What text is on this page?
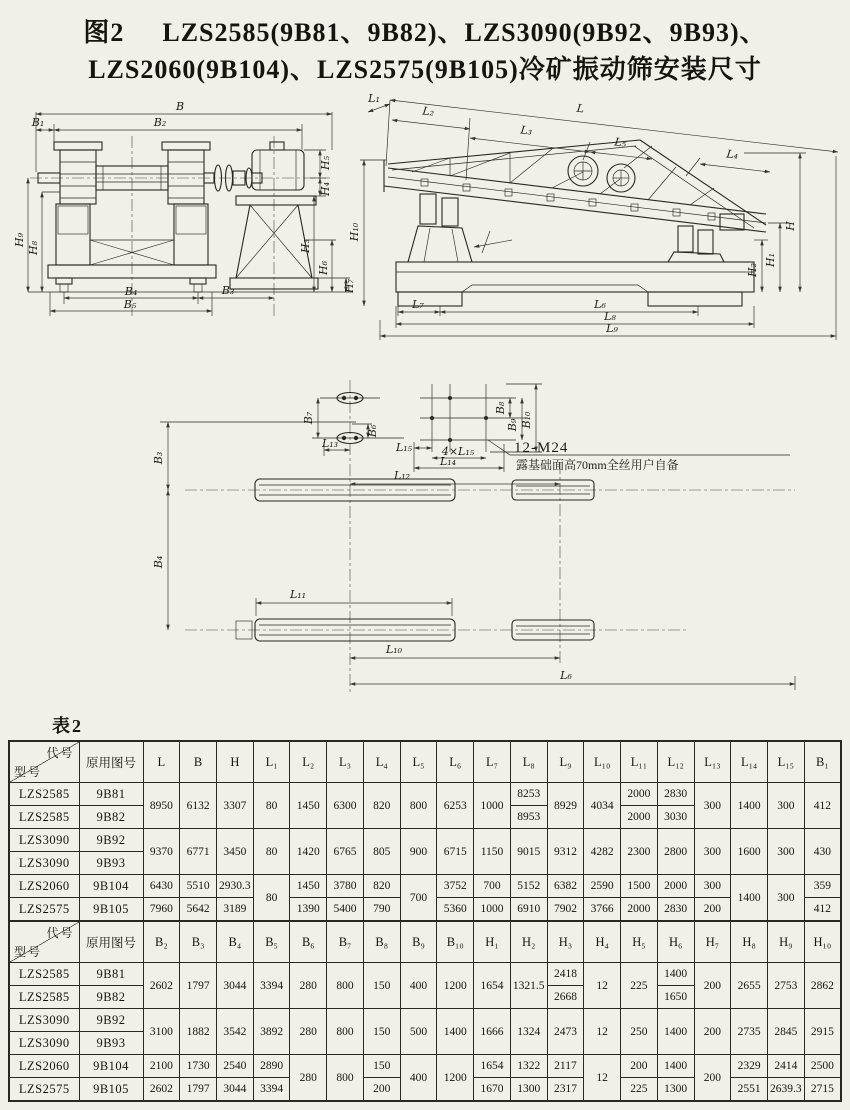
图2 LZS2585(9B81、9B82)、LZS3090(9B92、9B93)、
LZS2060(9B104)、LZS2575(9B105)冷矿振动筛安装尺寸
B
B₁	B₂
H₉
H₈
H₅
H₄
H₃
H₆
H₇
B₄
B₅
B₃
L
L₁
L₂
L₃
L₅
L₄
H₁₀	H
H₁
H₂
L₇	L₆
L₈
L₉
B₇
B₆
L₁₃
B₃
B₄
L₁₂
L₁₁
L₁₀
L₆
B₈
B₉ B₁₀
L₁₅	4×L₁₅
L₁₄
12-M24
露基础面高70mm全丝用户自备
表2
代号
型号	原用图号	L	B	H	L₁	L₂	L₃	L₄	L₅	L₆	L₇	L₈	L₉	L₁₀	L₁₁	L₁₂	L₁₃	L₁₄	L₁₅	B₁
LZS2585	9B81	8950	6132	3307	80	1450	6300	820	800	6253	1000	8253	8929	4034	2000	2830	300	1400	300	412
LZS2585	9B82											8953			2000	3030				
LZS3090	9B92	9370	6771	3450	80	1420	6765	805	900	6715	1150	9015	9312	4282	2300	2800	300	1600	300	430
LZS3090	9B93																			
LZS2060	9B104	6430	5510	2930.3	80	1450	3780	820	700	3752	700	5152	6382	2590	1500	2000	300	1400	300	359
LZS2575	9B105	7960	5642	3189		1390	5400	790		5360	1000	6910	7902	3766	2000	2830	200			412

代号
型号	原用图号	B₂	B₃	B₄	B₅	B₆	B₇	B₈	B₉	B₁₀	H₁	H₂	H₃	H₄	H₅	H₆	H₇	H₈	H₉	H₁₀
LZS2585	9B81	2602	1797	3044	3394	280	800	150	400	1200	1654	1321.5	2418	12	225	1400	200	2655	2753	2862
LZS2585	9B82												2668			1650				
LZS3090	9B92	3100	1882	3542	3892	280	800	150	500	1400	1666	1324	2473	12	250	1400	200	2735	2845	2915
LZS3090	9B93																			
LZS2060	9B104	2100	1730	2540	2890	280	800	150	400	1200	1654	1322	2117	12	200	1400	200	2329	2414	2500
LZS2575	9B105	2602	1797	3044	3394			200			1670	1300	2317		225	1300		2551	2639.3	2715
